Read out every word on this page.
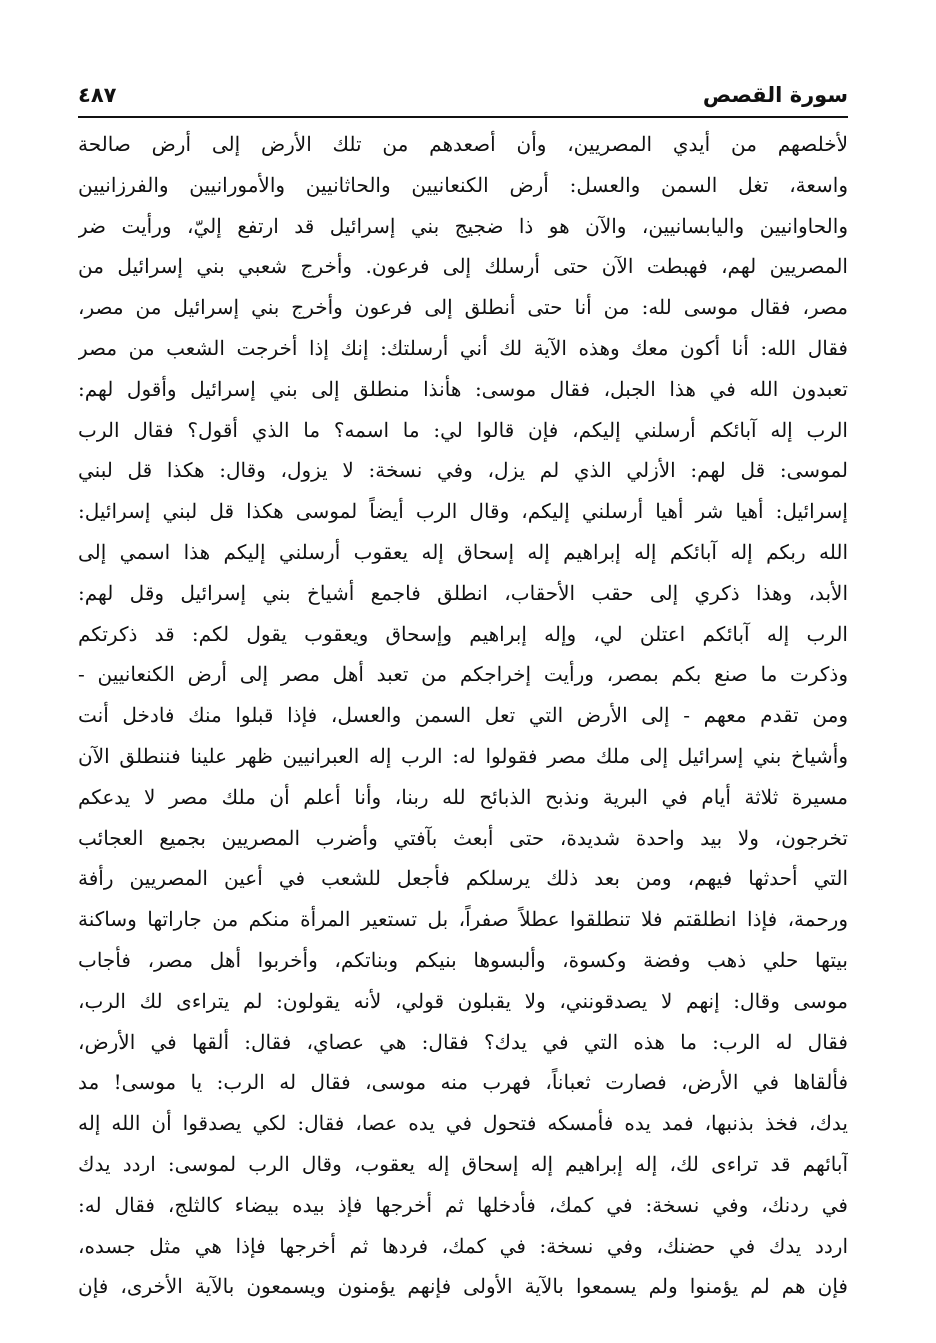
سورة القصص
٤٨٧
لأخلصهم من أيدي المصريين، وأن أصعدهم من تلك الأرض إلى أرض صالحة
واسعة، تغل السمن والعسل: أرض الكنعانيين والحاثانيين والأمورانيين والفرزانيين
والحاوانيين واليابسانيين، والآن هو ذا ضجيج بني إسرائيل قد ارتفع إليّ، ورأيت ضر
المصريين لهم، فهبطت الآن حتى أرسلك إلى فرعون. وأخرج شعبي بني إسرائيل من
مصر، فقال موسى لله: من أنا حتى أنطلق إلى فرعون وأخرج بني إسرائيل من مصر،
فقال الله: أنا أكون معك وهذه الآية لك أني أرسلتك: إنك إذا أخرجت الشعب من مصر
تعبدون الله في هذا الجبل، فقال موسى: هأنذا منطلق إلى بني إسرائيل وأقول لهم:
الرب إله آبائكم أرسلني إليكم، فإن قالوا لي: ما اسمه؟ ما الذي أقول؟ فقال الرب
لموسى: قل لهم: الأزلي الذي لم يزل، وفي نسخة: لا يزول، وقال: هكذا قل لبني
إسرائيل: أهيا شر أهيا أرسلني إليكم، وقال الرب أيضاً لموسى هكذا قل لبني إسرائيل:
الله ربكم إله آبائكم إله إبراهيم إله إسحاق إله يعقوب أرسلني إليكم هذا اسمي إلى
الأبد، وهذا ذكري إلى حقب الأحقاب، انطلق فاجمع أشياخ بني إسرائيل وقل لهم:
الرب إله آبائكم اعتلن لي، وإله إبراهيم وإسحاق ويعقوب يقول لكم: قد ذكرتكم
وذكرت ما صنع بكم بمصر، ورأيت إخراجكم من تعبد أهل مصر إلى أرض الكنعانيين -
ومن تقدم معهم - إلى الأرض التي تعل السمن والعسل، فإذا قبلوا منك فادخل أنت
وأشياخ بني إسرائيل إلى ملك مصر فقولوا له: الرب إله العبرانيين ظهر علينا فننطلق الآن
مسيرة ثلاثة أيام في البرية ونذبح الذبائح لله ربنا، وأنا أعلم أن ملك مصر لا يدعكم
تخرجون، ولا بيد واحدة شديدة، حتى أبعث بآفتي وأضرب المصريين بجميع العجائب
التي أحدثها فيهم، ومن بعد ذلك يرسلكم فأجعل للشعب في أعين المصريين رأفة
ورحمة، فإذا انطلقتم فلا تنطلقوا عطلاً صفراً، بل تستعير المرأة منكم من جاراتها وساكنة
بيتها حلي ذهب وفضة وكسوة، وألبسوها بنيكم وبناتكم، وأخربوا أهل مصر، فأجاب
موسى وقال: إنهم لا يصدقونني، ولا يقبلون قولي، لأنه يقولون: لم يتراءى لك الرب،
فقال له الرب: ما هذه التي في يدك؟ فقال: هي عصاي، فقال: ألقها في الأرض،
فألقاها في الأرض، فصارت ثعباناً، فهرب منه موسى، فقال له الرب: يا موسى! مد
يدك، فخذ بذنبها، فمد يده فأمسكه فتحول في يده عصا، فقال: لكي يصدقوا أن الله إله
آبائهم قد تراءى لك، إله إبراهيم إله إسحاق إله يعقوب، وقال الرب لموسى: اردد يدك
في ردنك، وفي نسخة: في كمك، فأدخلها ثم أخرجها فإذ بيده بيضاء كالثلج، فقال له:
اردد يدك في حضنك، وفي نسخة: في كمك، فردها ثم أخرجها فإذا هي مثل جسده،
فإن هم لم يؤمنوا ولم يسمعوا بالآية الأولى فإنهم يؤمنون ويسمعون بالآية الأخرى، فإن
